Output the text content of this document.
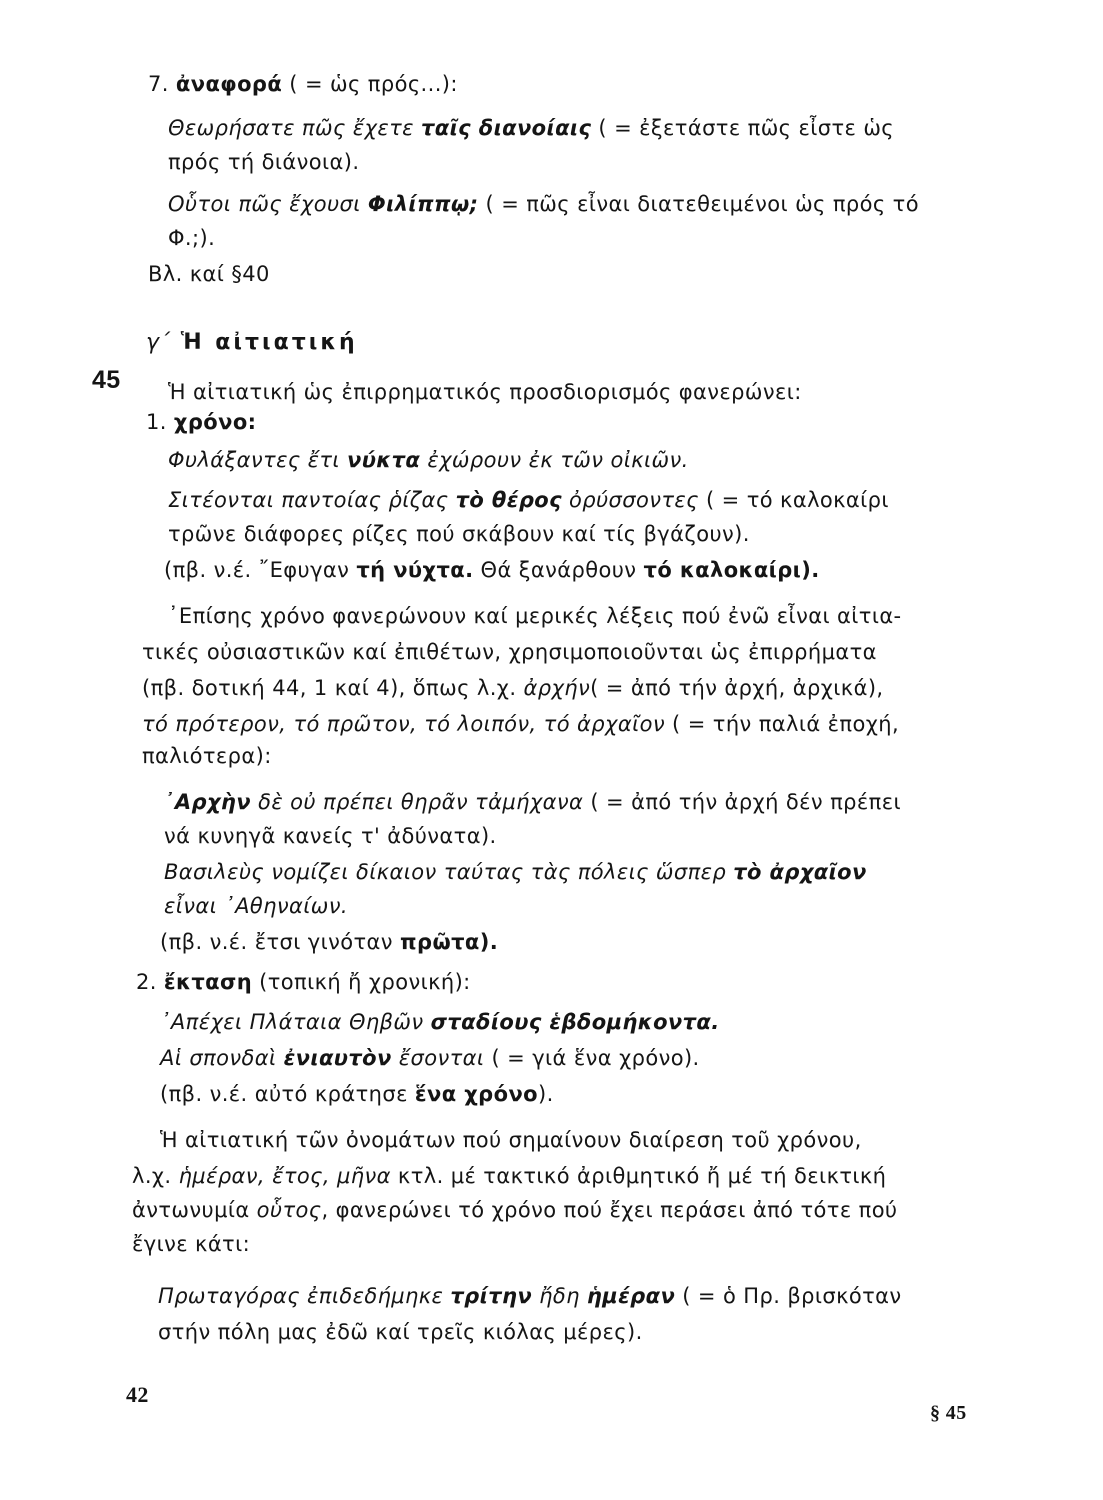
7. ἀναφορά ( = ὡς πρός...):
Θεωρήσατε πῶς ἔχετε ταῖς διανοίαις ( = ἐξετάστε πῶς εἶστε ὡς
πρός τή διάνοια).
Οὗτοι πῶς ἔχουσι Φιλίππῳ; ( = πῶς εἶναι διατεθειμένοι ὡς πρός τό
Φ.;).
Βλ. καί §40
γ΄ Ἡ αἰτιατική
45 Ἡ αἰτιατική ὡς ἐπιρρηματικός προσδιορισμός φανερώνει:
1. χρόνο:
Φυλάξαντες ἔτι νύκτα ἐχώρουν ἐκ τῶν οἰκιῶν.
Σιτέονται παντοίας ῥίζας τὸ θέρος ὀρύσσοντες ( = τό καλοκαίρι
τρῶνε διάφορες ρίζες πού σκάβουν καί τίς βγάζουν).
(πβ. ν.έ. ῎Εφυγαν τή νύχτα. Θά ξανάρθουν τό καλοκαίρι).
᾿Επίσης χρόνο φανερώνουν καί μερικές λέξεις πού ἐνῶ εἶναι αἰτια-
τικές οὐσιαστικῶν καί ἐπιθέτων, χρησιμοποιοῦνται ὡς ἐπιρρήματα
(πβ. δοτική 44, 1 καί 4), ὅπως λ.χ. ἀρχήν( = ἀπό τήν ἀρχή, ἀρχικά),
τό πρότερον, τό πρῶτον, τό λοιπόν, τό ἀρχαῖον ( = τήν παλιά ἐποχή,
παλιότερα):
᾿Αρχὴν δὲ οὐ πρέπει θηρᾶν τἀμήχανα ( = ἀπό τήν ἀρχή δέν πρέπει
νά κυνηγᾶ κανείς τ' ἀδύνατα).
Βασιλεὺς νομίζει δίκαιον ταύτας τὰς πόλεις ὥσπερ τὸ ἀρχαῖον
εἶναι ᾿Αθηναίων.
(πβ. ν.έ. ἔτσι γινόταν πρῶτα).
2. ἔκταση (τοπική ἤ χρονική):
᾿Απέχει Πλάταια Θηβῶν σταδίους ἑβδομήκοντα.
Αἱ σπονδαὶ ἐνιαυτὸν ἔσονται ( = γιά ἕνα χρόνο).
(πβ. ν.έ. αὐτό κράτησε ἕνα χρόνο).
Ἡ αἰτιατική τῶν ὀνομάτων πού σημαίνουν διαίρεση τοῦ χρόνου,
λ.χ. ἡμέραν, ἔτος, μῆνα κτλ. μέ τακτικό ἀριθμητικό ἤ μέ τή δεικτική
ἀντωνυμία οὗτος, φανερώνει τό χρόνο πού ἔχει περάσει ἀπό τότε πού
ἔγινε κάτι:
Πρωταγόρας ἐπιδεδήμηκε τρίτην ἤδη ἡμέραν ( = ὁ Πρ. βρισκόταν
στήν πόλη μας ἐδῶ καί τρεῖς κιόλας μέρες).
42
§ 45
